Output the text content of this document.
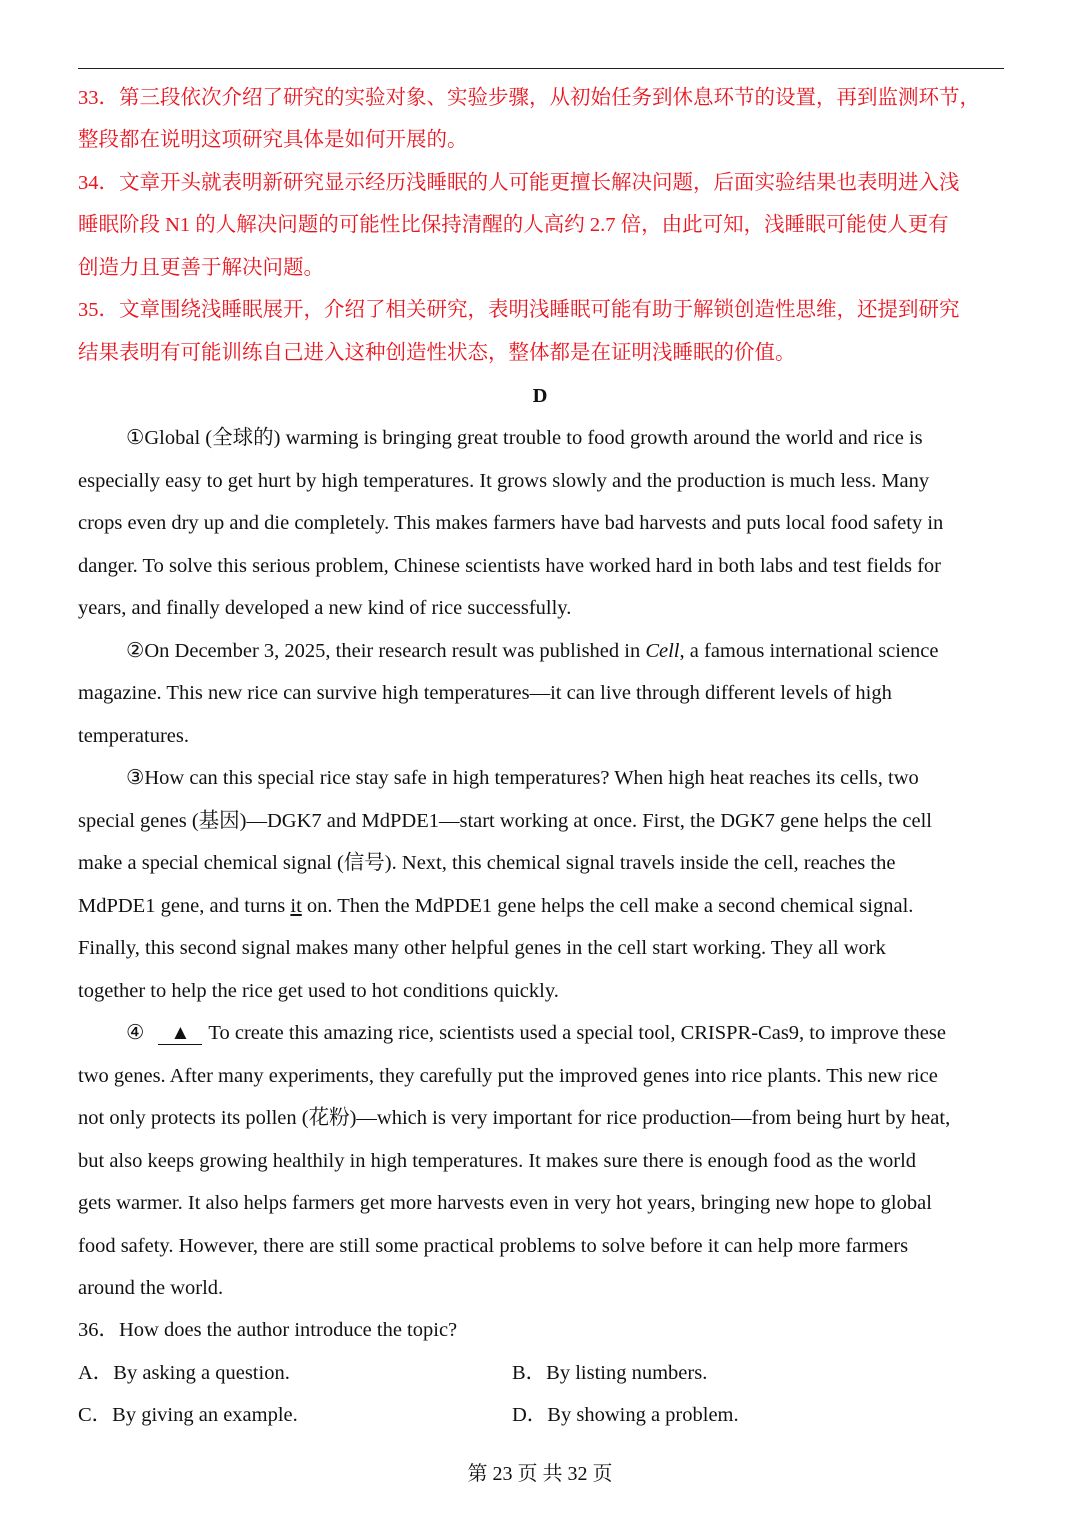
33．第三段依次介绍了研究的实验对象、实验步骤，从初始任务到休息环节的设置，再到监测环节，
整段都在说明这项研究具体是如何开展的。
34．文章开头就表明新研究显示经历浅睡眠的人可能更擅长解决问题，后面实验结果也表明进入浅
睡眠阶段 N1 的人解决问题的可能性比保持清醒的人高约 2.7 倍，由此可知，浅睡眠可能使人更有
创造力且更善于解决问题。
35．文章围绕浅睡眠展开，介绍了相关研究，表明浅睡眠可能有助于解锁创造性思维，还提到研究
结果表明有可能训练自己进入这种创造性状态，整体都是在证明浅睡眠的价值。
D
①Global (全球的) warming is bringing great trouble to food growth around the world and rice is
especially easy to get hurt by high temperatures. It grows slowly and the production is much less. Many
crops even dry up and die completely. This makes farmers have bad harvests and puts local food safety in
danger. To solve this serious problem, Chinese scientists have worked hard in both labs and test fields for
years, and finally developed a new kind of rice successfully.
②On December 3, 2025, their research result was published in Cell, a famous international science
magazine. This new rice can survive high temperatures—it can live through different levels of high
temperatures.
③How can this special rice stay safe in high temperatures? When high heat reaches its cells, two
special genes (基因)—DGK7 and MdPDE1—start working at once. First, the DGK7 gene helps the cell
make a special chemical signal (信号). Next, this chemical signal travels inside the cell, reaches the
MdPDE1 gene, and turns it on. Then the MdPDE1 gene helps the cell make a second chemical signal.
Finally, this second signal makes many other helpful genes in the cell start working. They all work
together to help the rice get used to hot conditions quickly.
④ ▲ To create this amazing rice, scientists used a special tool, CRISPR-Cas9, to improve these
two genes. After many experiments, they carefully put the improved genes into rice plants. This new rice
not only protects its pollen (花粉)—which is very important for rice production—from being hurt by heat,
but also keeps growing healthily in high temperatures. It makes sure there is enough food as the world
gets warmer. It also helps farmers get more harvests even in very hot years, bringing new hope to global
food safety. However, there are still some practical problems to solve before it can help more farmers
around the world.
36．How does the author introduce the topic?
A．By asking a question.	B．By listing numbers.
C．By giving an example.	D．By showing a problem.
第 23 页 共 32 页
